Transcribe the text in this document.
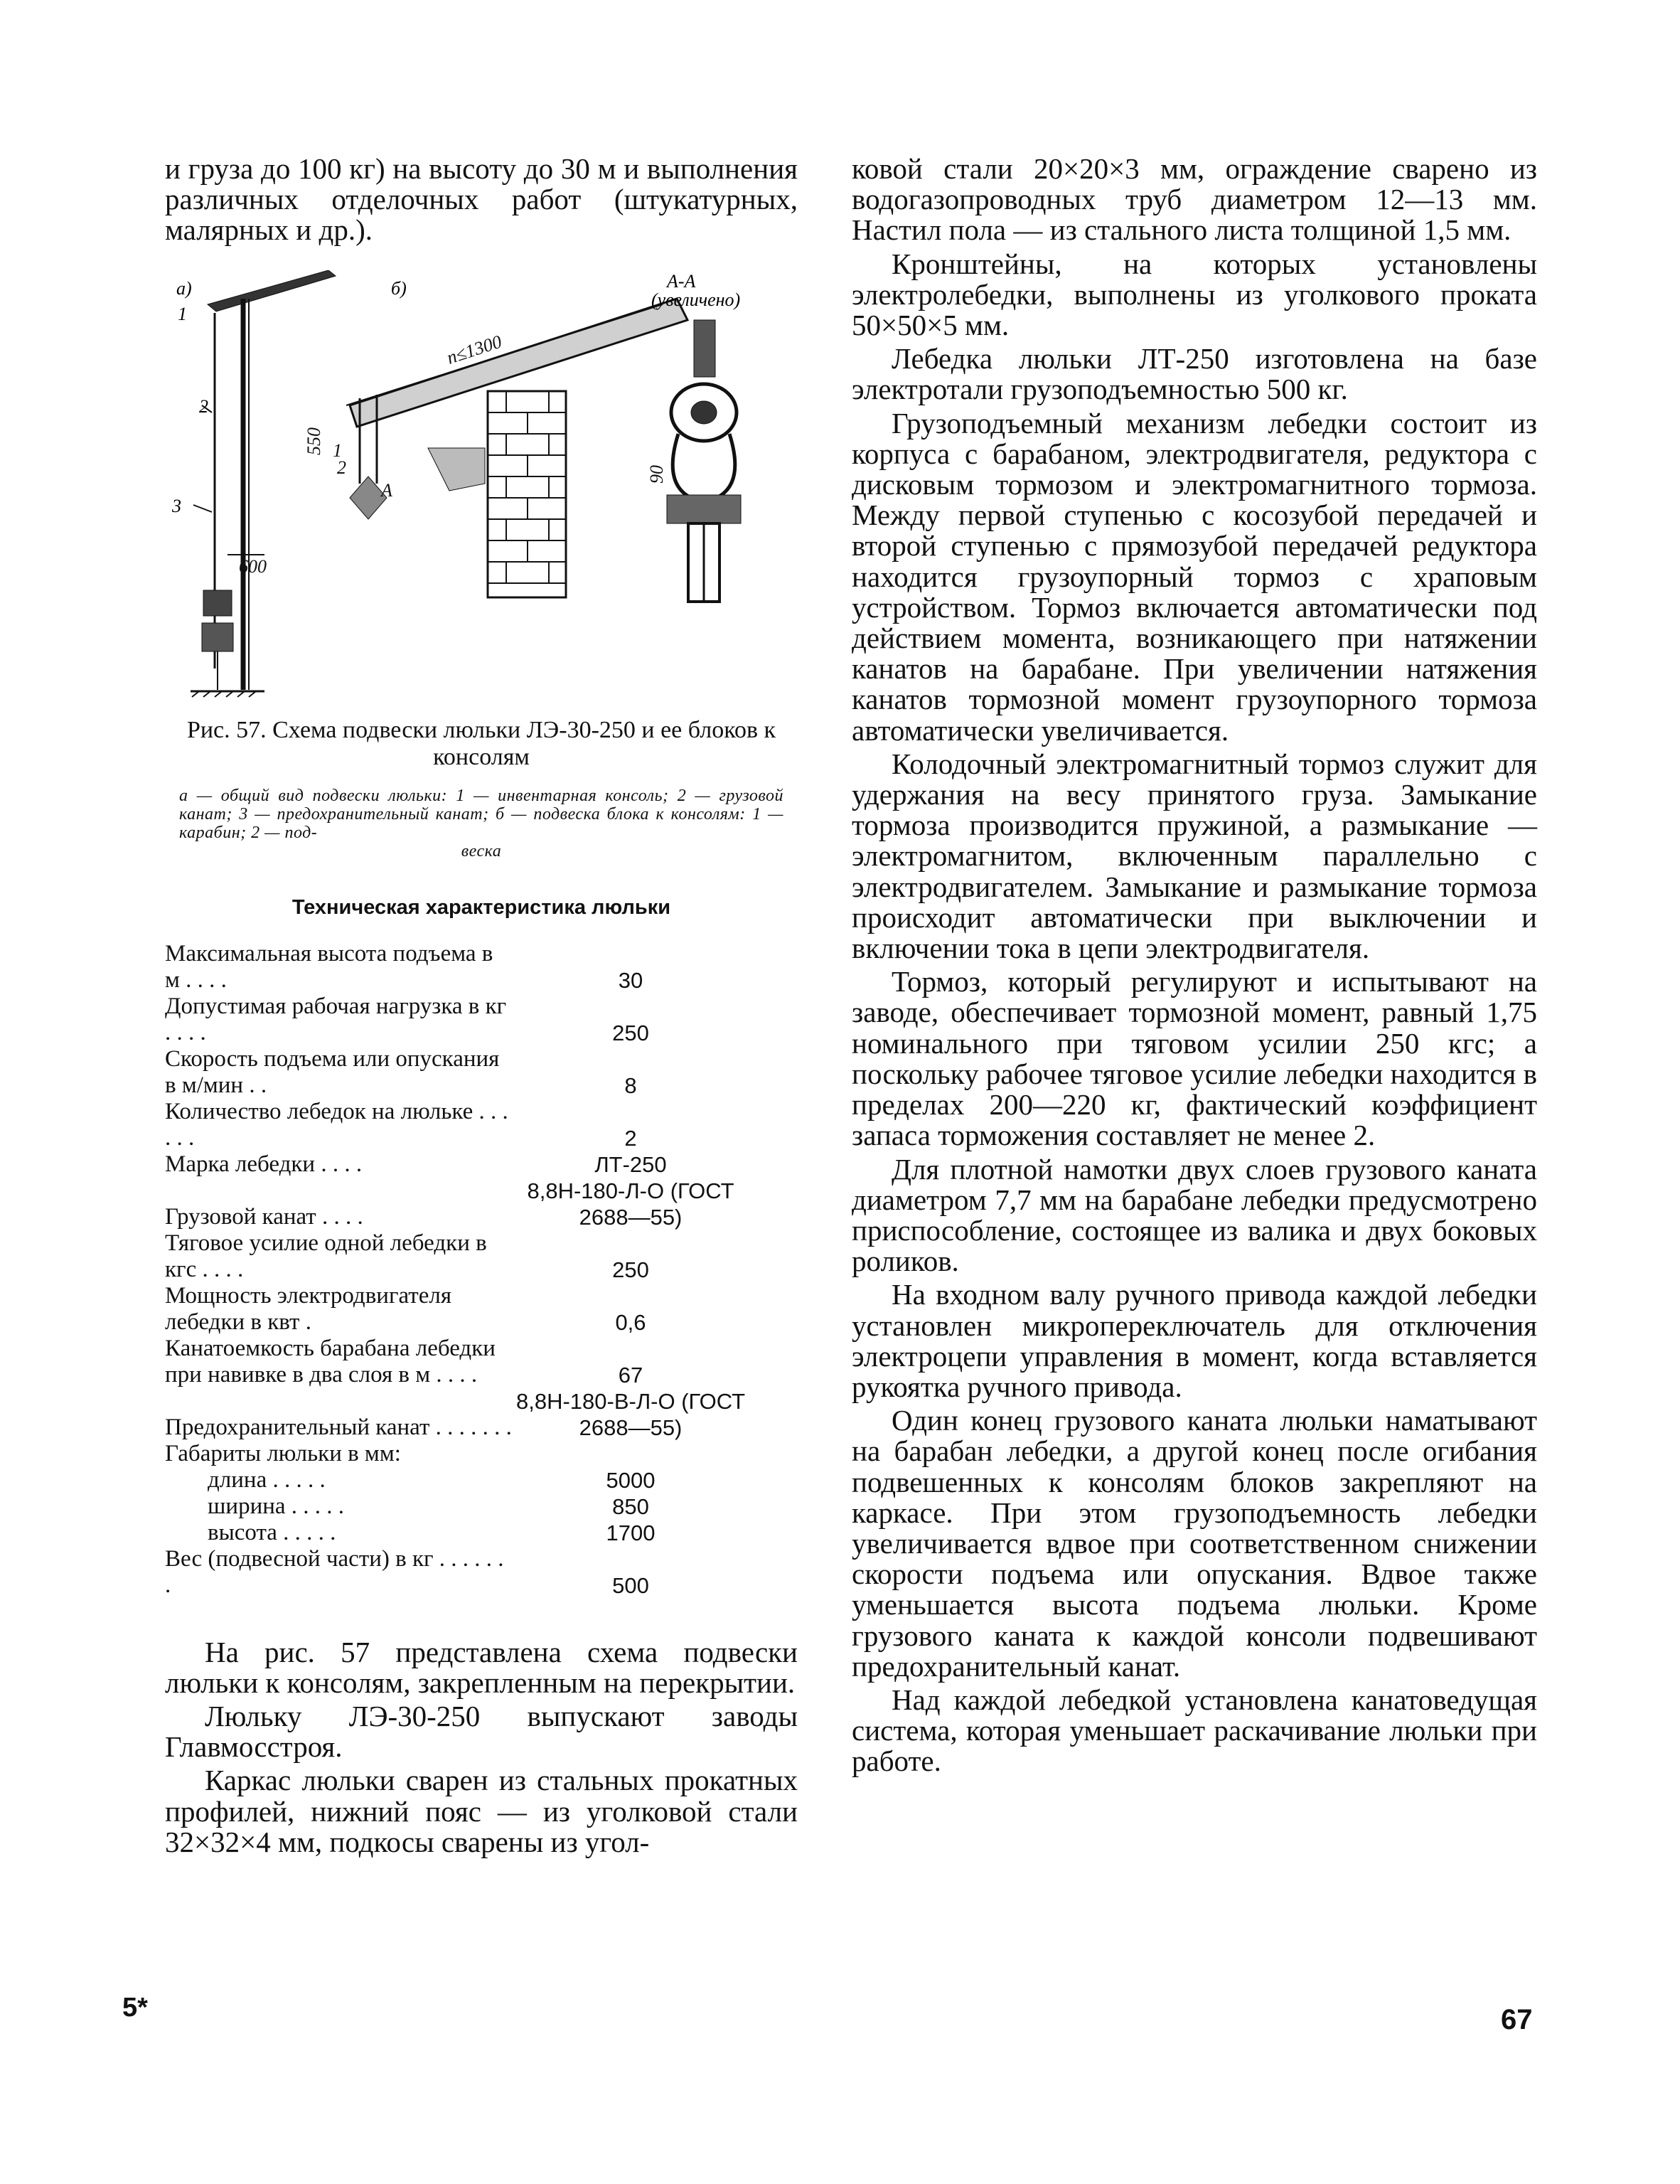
и груза до 100 кг) на высоту до 30 м и выполнения различных отделочных работ (штукатурных, малярных и др.).

а)
1
2
3
600
б)
n≤1300
A
1
2
550
А-А
(увеличено)
90
Рис. 57. Схема подвески люльки ЛЭ-30-250 и ее блоков к консолям
а — общий вид подвески люльки: 1 — инвентарная консоль; 2 — грузовой канат; 3 — предохранительный канат; б — подвеска блока к консолям: 1 — карабин; 2 — под-
веска
Техническая характеристика люльки
Максимальная высота подъема в м . . . .	30
Допустимая рабочая нагрузка в кг . . . .	250
Скорость подъема или опускания в м/мин . .	8
Количество лебедок на люльке . . . . . .	2
Марка лебедки . . . .	ЛТ-250
Грузовой канат . . . .	8,8Н-180-Л-О (ГОСТ 2688—55)
Тяговое усилие одной лебедки в кгс . . . .	250
Мощность электродвигателя лебедки в квт .	0,6
Канатоемкость барабана лебедки при навивке в два слоя в м . . . .	67
Предохранительный канат . . . . . . .	8,8Н-180-В-Л-О (ГОСТ 2688—55)
Габариты люльки в мм:	
длина . . . . .	5000
ширина . . . . .	850
высота . . . . .	1700
Вес (подвесной части) в кг . . . . . . .	500

На рис. 57 представлена схема подвески люльки к консолям, закрепленным на перекрытии.

Люльку ЛЭ-30-250 выпускают заводы Главмосстроя.

Каркас люльки сварен из стальных прокатных профилей, нижний пояс — из уголковой стали 32×32×4 мм, подкосы сварены из угол-

ковой стали 20×20×3 мм, ограждение сварено из водогазопроводных труб диаметром 12—13 мм. Настил пола — из стального листа толщиной 1,5 мм.

Кронштейны, на которых установлены электролебедки, выполнены из уголкового проката 50×50×5 мм.

Лебедка люльки ЛТ-250 изготовлена на базе электротали грузоподъемностью 500 кг.

Грузоподъемный механизм лебедки состоит из корпуса с барабаном, электродвигателя, редуктора с дисковым тормозом и электромагнитного тормоза. Между первой ступенью с косозубой передачей и второй ступенью с прямозубой передачей редуктора находится грузоупорный тормоз с храповым устройством. Тормоз включается автоматически под действием момента, возникающего при натяжении канатов на барабане. При увеличении натяжения канатов тормозной момент грузоупорного тормоза автоматически увеличивается.

Колодочный электромагнитный тормоз служит для удержания на весу принятого груза. Замыкание тормоза производится пружиной, а размыкание — электромагнитом, включенным параллельно с электродвигателем. Замыкание и размыкание тормоза происходит автоматически при выключении и включении тока в цепи электродвигателя.

Тормоз, который регулируют и испытывают на заводе, обеспечивает тормозной момент, равный 1,75 номинального при тяговом усилии 250 кгс; а поскольку рабочее тяговое усилие лебедки находится в пределах 200—220 кг, фактический коэффициент запаса торможения составляет не менее 2.

Для плотной намотки двух слоев грузового каната диаметром 7,7 мм на барабане лебедки предусмотрено приспособление, состоящее из валика и двух боковых роликов.

На входном валу ручного привода каждой лебедки установлен микропереключатель для отключения электроцепи управления в момент, когда вставляется рукоятка ручного привода.

Один конец грузового каната люльки наматывают на барабан лебедки, а другой конец после огибания подвешенных к консолям блоков закрепляют на каркасе. При этом грузоподъемность лебедки увеличивается вдвое при соответственном снижении скорости подъема или опускания. Вдвое также уменьшается высота подъема люльки. Кроме грузового каната к каждой консоли подвешивают предохранительный канат.

Над каждой лебедкой установлена канатоведущая система, которая уменьшает раскачивание люльки при работе.

5*	67
